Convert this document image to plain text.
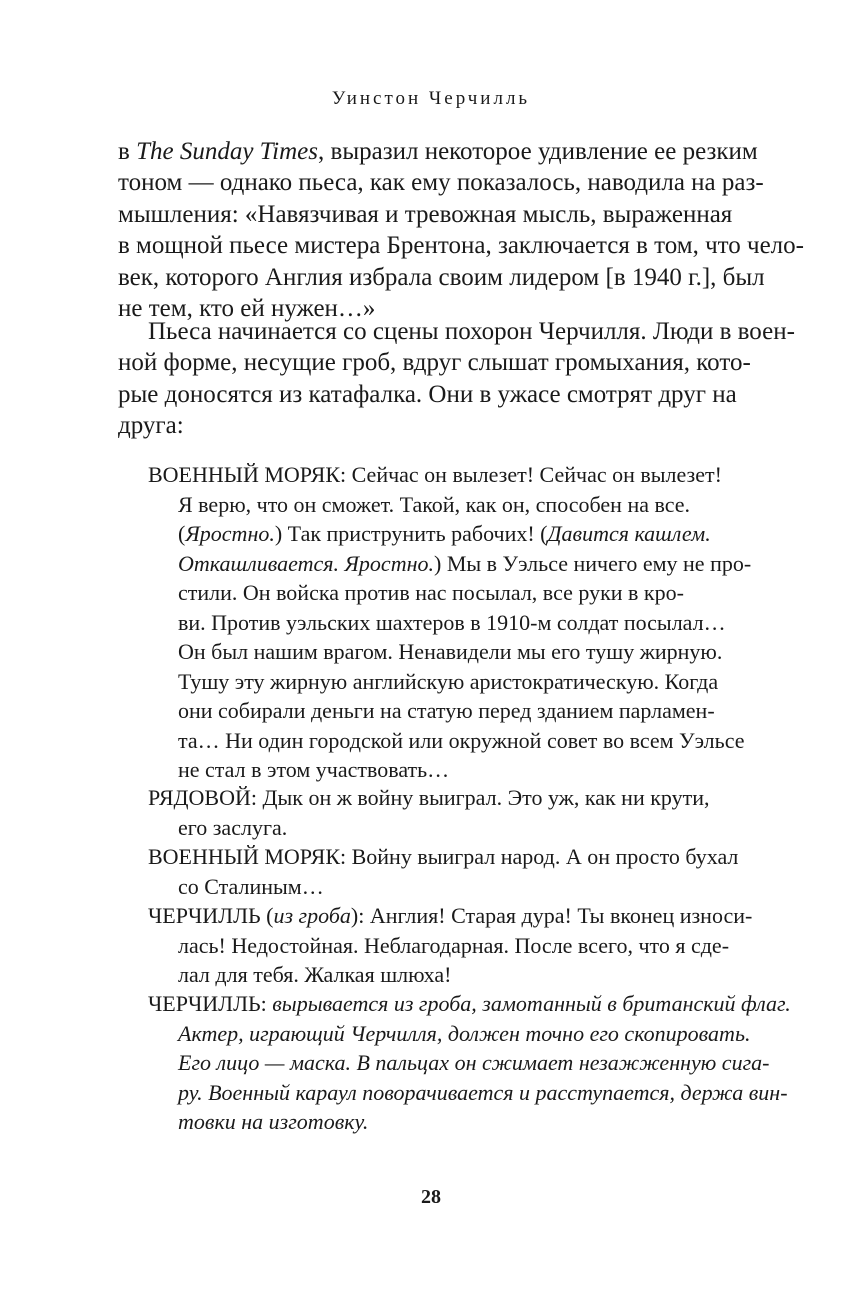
Уинстон Черчилль

в The Sunday Times, выразил некоторое удивление ее резким
тоном — однако пьеса, как ему показалось, наводила на раз-
мышления: «Навязчивая и тревожная мысль, выраженная
в мощной пьесе мистера Брентона, заключается в том, что чело-
век, которого Англия избрала своим лидером [в 1940 г.], был
не тем, кто ей нужен…»

Пьеса начинается со сцены похорон Черчилля. Люди в воен-
ной форме, несущие гроб, вдруг слышат громыхания, кото-
рые доносятся из катафалка. Они в ужасе смотрят друг на
друга:

ВОЕННЫЙ МОРЯК: Сейчас он вылезет! Сейчас он вылезет!
Я верю, что он сможет. Такой, как он, способен на все.
(Яростно.) Так приструнить рабочих! (Давится кашлем.
Откашливается. Яростно.) Мы в Уэльсе ничего ему не про-
стили. Он войска против нас посылал, все руки в кро-
ви. Против уэльских шахтеров в 1910-м солдат посылал…
Он был нашим врагом. Ненавидели мы его тушу жирную.
Тушу эту жирную английскую аристократическую. Когда
они собирали деньги на статую перед зданием парламен-
та… Ни один городской или окружной совет во всем Уэльсе
не стал в этом участвовать…
РЯДОВОЙ: Дык он ж войну выиграл. Это уж, как ни крути,
его заслуга.
ВОЕННЫЙ МОРЯК: Войну выиграл народ. А он просто бухал
со Сталиным…
ЧЕРЧИЛЛЬ (из гроба): Англия! Старая дура! Ты вконец износи-
лась! Недостойная. Неблагодарная. После всего, что я сде-
лал для тебя. Жалкая шлюха!
ЧЕРЧИЛЛЬ: вырывается из гроба, замотанный в британский флаг.
Актер, играющий Черчилля, должен точно его скопировать.
Его лицо — маска. В пальцах он сжимает незажженную сига-
ру. Военный караул поворачивается и расступается, держа вин-
товки на изготовку.
28
